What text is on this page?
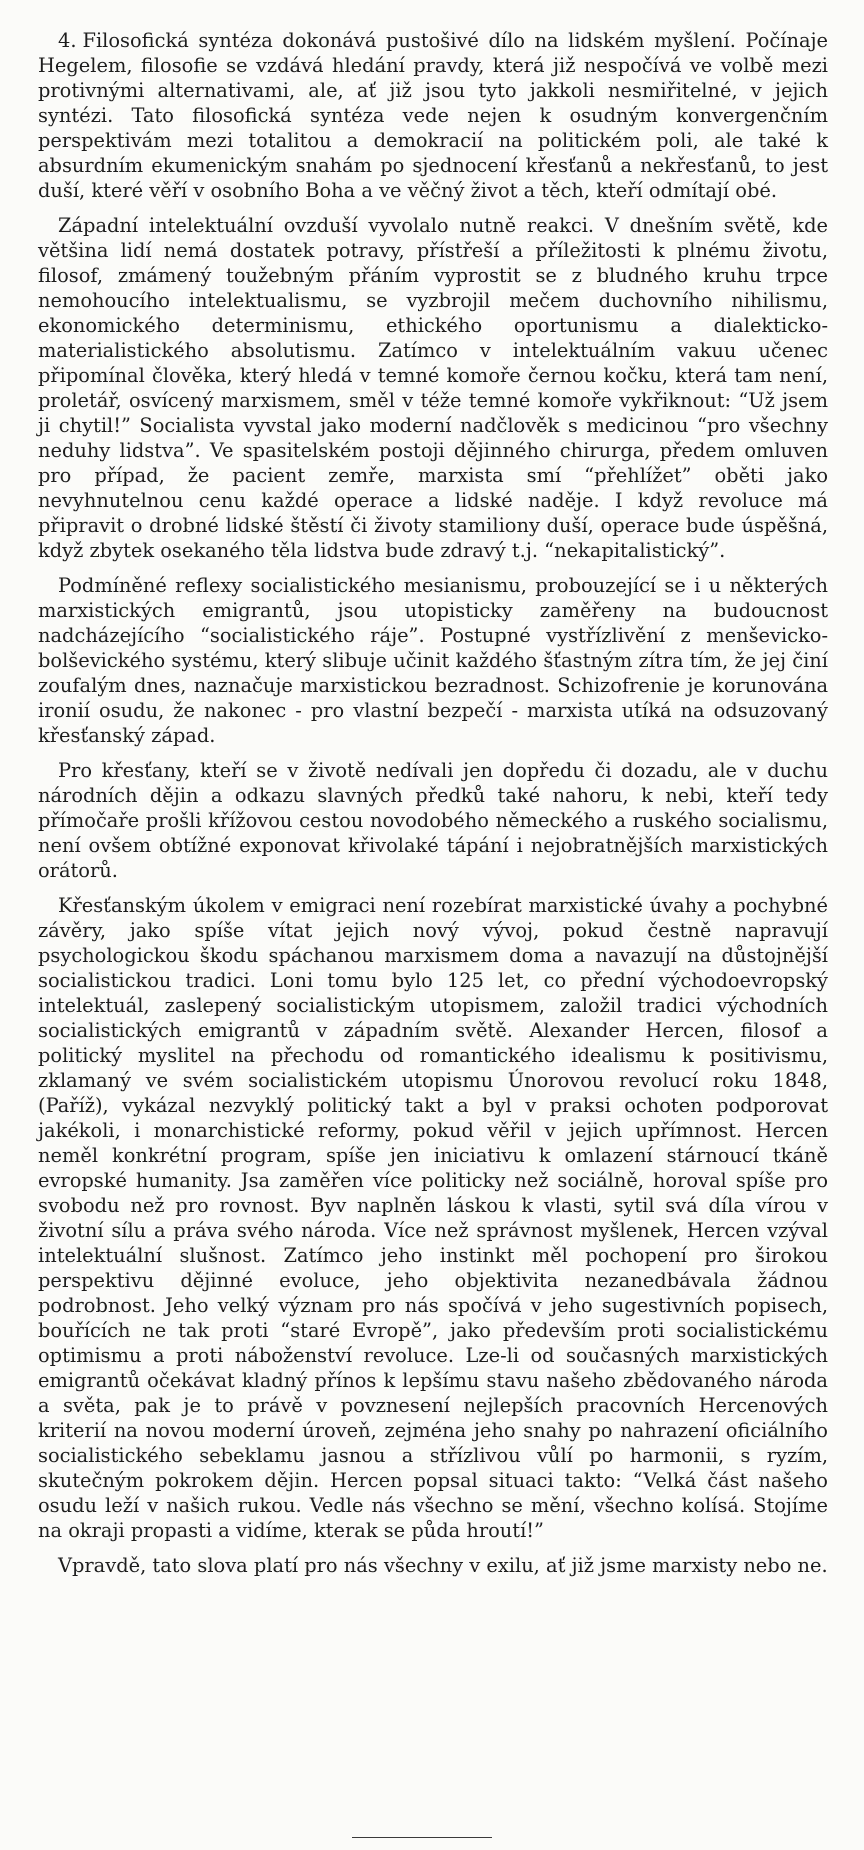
4. Filosofická syntéza dokonává pustošivé dílo na lidském myšlení. Počínaje Hegelem, filosofie se vzdává hledání pravdy, která již nespočívá ve volbě mezi protivnými alternativami, ale, ať již jsou tyto jakkoli nesmiřitelné, v jejich syntézi. Tato filosofická syntéza vede nejen k osudným konvergenčním perspektivám mezi totalitou a demokracií na politickém poli, ale také k absurdním ekumenickým snahám po sjednocení křesťanů a nekřesťanů, to jest duší, které věří v osobního Boha a ve věčný život a těch, kteří odmítají obé.

Západní intelektuální ovzduší vyvolalo nutně reakci. V dnešním světě, kde většina lidí nemá dostatek potravy, přístřeší a příležitosti k plnému životu, filosof, zmámený toužebným přáním vyprostit se z bludného kruhu trpce nemohoucího intelektualismu, se vyzbrojil mečem duchovního nihilismu, ekonomického determinismu, ethického oportunismu a dialekticko-materialistického absolutismu. Zatímco v intelektuálním vakuu učenec připomínal člověka, který hledá v temné komoře černou kočku, která tam není, proletář, osvícený marxismem, směl v téže temné komoře vykřiknout: “Už jsem ji chytil!” Socialista vyvstal jako moderní nadčlověk s medicinou “pro všechny neduhy lidstva”. Ve spasitelském postoji dějinného chirurga, předem omluven pro případ, že pacient zemře, marxista smí “přehlížet” oběti jako nevyhnutelnou cenu každé operace a lidské naděje. I když revoluce má připravit o drobné lidské štěstí či životy stamiliony duší, operace bude úspěšná, když zbytek osekaného těla lidstva bude zdravý t.j. “nekapitalistický”.

Podmíněné reflexy socialistického mesianismu, probouzející se i u některých marxistických emigrantů, jsou utopisticky zaměřeny na budoucnost nadcházejícího “socialistického ráje”. Postupné vystřízlivění z menševicko-bolševického systému, který slibuje učinit každého šťastným zítra tím, že jej činí zoufalým dnes, naznačuje marxistickou bezradnost. Schizofrenie je korunována ironií osudu, že nakonec - pro vlastní bezpečí - marxista utíká na odsuzovaný křesťanský západ.

Pro křesťany, kteří se v životě nedívali jen dopředu či dozadu, ale v duchu národních dějin a odkazu slavných předků také nahoru, k nebi, kteří tedy přímočaře prošli křížovou cestou novodobého německého a ruského socialismu, není ovšem obtížné exponovat křivolaké tápání i nejobratnějších marxistických orátorů.

Křesťanským úkolem v emigraci není rozebírat marxistické úvahy a pochybné závěry, jako spíše vítat jejich nový vývoj, pokud čestně napravují psychologickou škodu spáchanou marxismem doma a navazují na důstojnější socialistickou tradici. Loni tomu bylo 125 let, co přední východoevropský intelektuál, zaslepený socialistickým utopismem, založil tradici východních socialistických emigrantů v západním světě. Alexander Hercen, filosof a politický myslitel na přechodu od romantického idealismu k positivismu, zklamaný ve svém socialistickém utopismu Únorovou revolucí roku 1848, (Paříž), vykázal nezvyklý politický takt a byl v praksi ochoten podporovat jakékoli, i monarchistické reformy, pokud věřil v jejich upřímnost. Hercen neměl konkrétní program, spíše jen iniciativu k omlazení stárnoucí tkáně evropské humanity. Jsa zaměřen více politicky než sociálně, horoval spíše pro svobodu než pro rovnost. Byv naplněn láskou k vlasti, sytil svá díla vírou v životní sílu a práva svého národa. Více než správnost myšlenek, Hercen vzýval intelektuální slušnost. Zatímco jeho instinkt měl pochopení pro širokou perspektivu dějinné evoluce, jeho objektivita nezanedbávala žádnou podrobnost. Jeho velký význam pro nás spočívá v jeho sugestivních popisech, bouřících ne tak proti “staré Evropě”, jako především proti socialistickému optimismu a proti náboženství revoluce. Lze-li od současných marxistických emigrantů očekávat kladný přínos k lepšímu stavu našeho zbědovaného národa a světa, pak je to právě v povznesení nejlepších pracovních Hercenových kriterií na novou moderní úroveň, zejména jeho snahy po nahrazení oficiálního socialistického sebeklamu jasnou a střízlivou vůlí po harmonii, s ryzím, skutečným pokrokem dějin. Hercen popsal situaci takto: “Velká část našeho osudu leží v našich rukou. Vedle nás všechno se mění, všechno kolísá. Stojíme na okraji propasti a vidíme, kterak se půda hroutí!”

Vpravdě, tato slova platí pro nás všechny v exilu, ať již jsme marxisty nebo ne.
